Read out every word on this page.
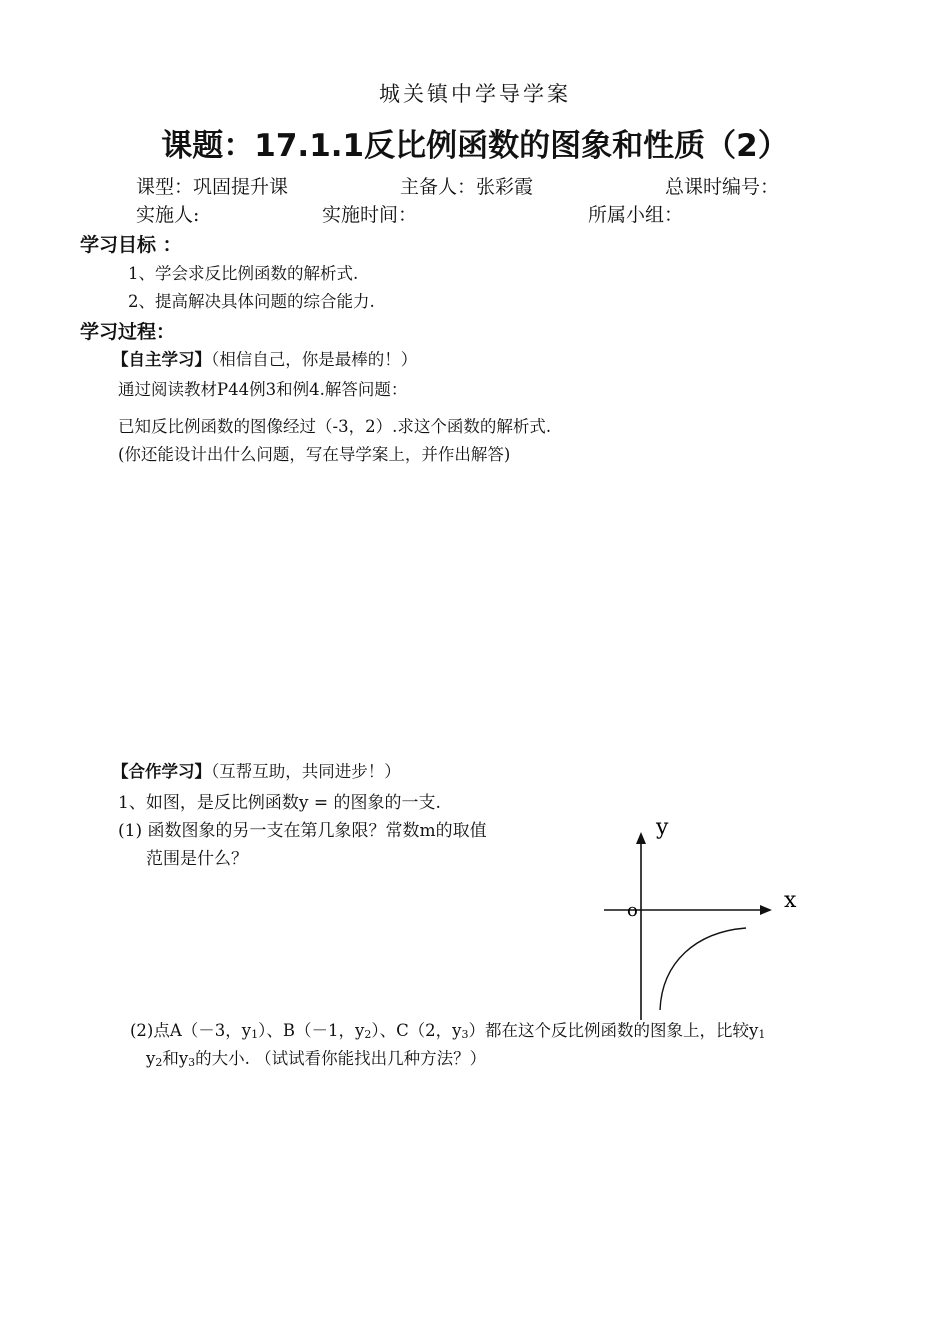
城关镇中学导学案
课题：17.1.1反比例函数的图象和性质（2）
课型：巩固提升课	主备人：张彩霞	总课时编号：
实施人:	实施时间：	所属小组：
学习目标 ：
1、学会求反比例函数的解析式.
2、提高解决具体问题的综合能力.
学习过程：
【自主学习】（相信自己，你是最棒的！）
通过阅读教材P44例3和例4.解答问题：
已知反比例函数的图像经过（-3，2）.求这个函数的解析式.
(你还能设计出什么问题，写在导学案上，并作出解答)
【合作学习】（互帮互助，共同进步！）
1、如图，是反比例函数y = 的图象的一支.
(1) 函数图象的另一支在第几象限？常数m的取值
范围是什么？
y
x
o
(2)点A（－3，$y_1$）、B（－1，$y_2$）、C（2，$y_3$）都在这个反比例函数的图象上，比较$y_1$
$y_2$和$y_3$的大小. （试试看你能找出几种方法？）
